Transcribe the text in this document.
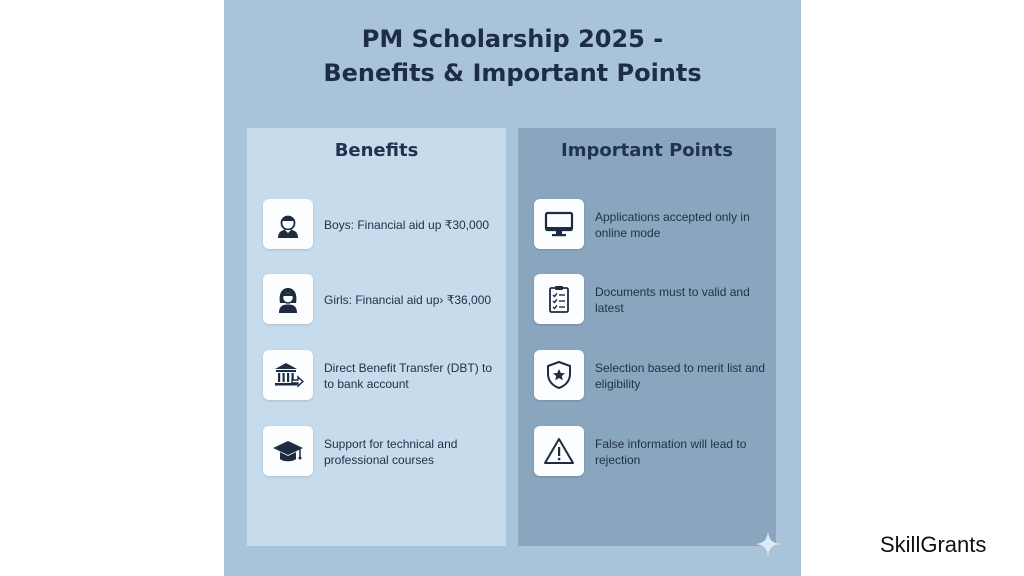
PM Scholarship 2025 -
Benefits & Important Points
Benefits
Boys: Financial aid up ₹30,000
Girls: Financial aid up› ₹36,000
Direct Benefit Transfer (DBT) to to bank account
Support for technical and professional courses
Important Points
Applications accepted only in online mode
Documents must to valid and latest
Selection based to merit list and eligibility
False information will lead to rejection
SkillGrants
